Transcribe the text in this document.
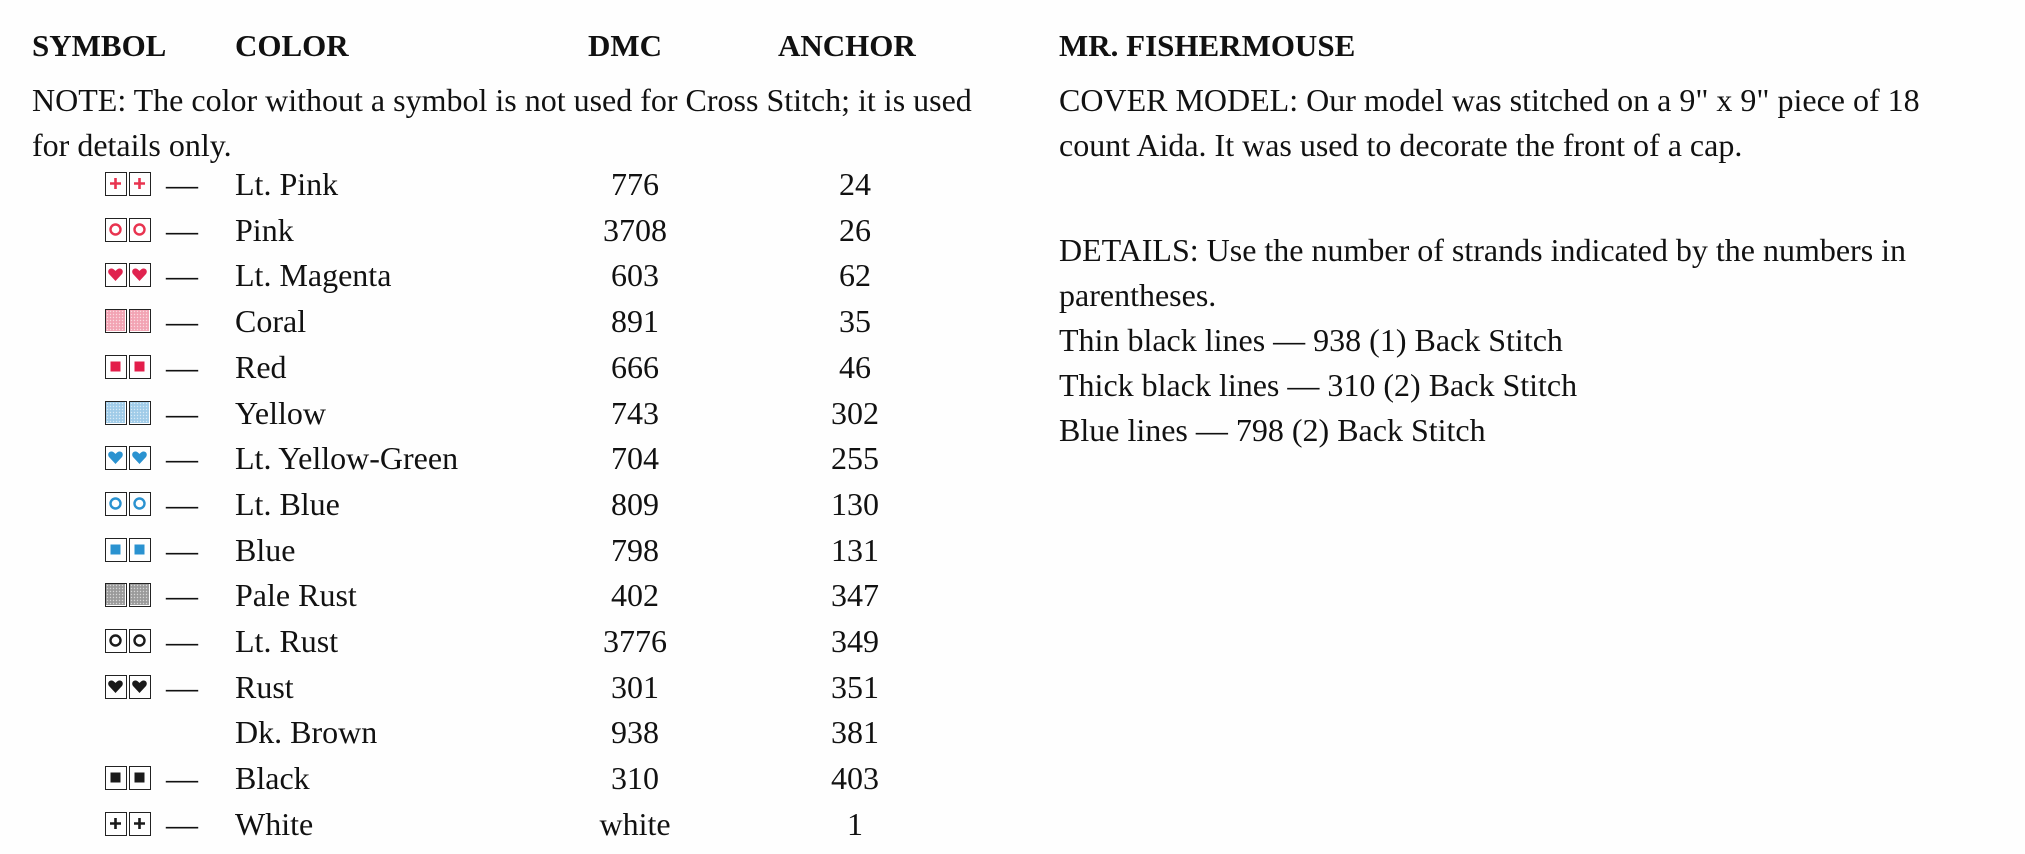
SYMBOL COLOR	DMC	ANCHOR
NOTE: The color without a symbol is not used for Cross Stitch; it is used for details only.
— Lt. Pink	776	24
— Pink	3708	26
— Lt. Magenta	603	62
— Coral	891	35
— Red	666	46
— Yellow	743	302
— Lt. Yellow-Green	704	255
— Lt. Blue	809	130
— Blue	798	131
— Pale Rust	402	347
— Lt. Rust	3776	349
— Rust	301	351
Dk. Brown	938	381
— Black	310	403
— White	white	1
MR. FISHERMOUSE
COVER MODEL: Our model was stitched on a 9" x 9" piece of 18 count Aida. It was used to decorate the front of a cap.
DETAILS: Use the number of strands indicated by the numbers in parentheses.
Thin black lines — 938 (1) Back Stitch
Thick black lines — 310 (2) Back Stitch
Blue lines — 798 (2) Back Stitch
